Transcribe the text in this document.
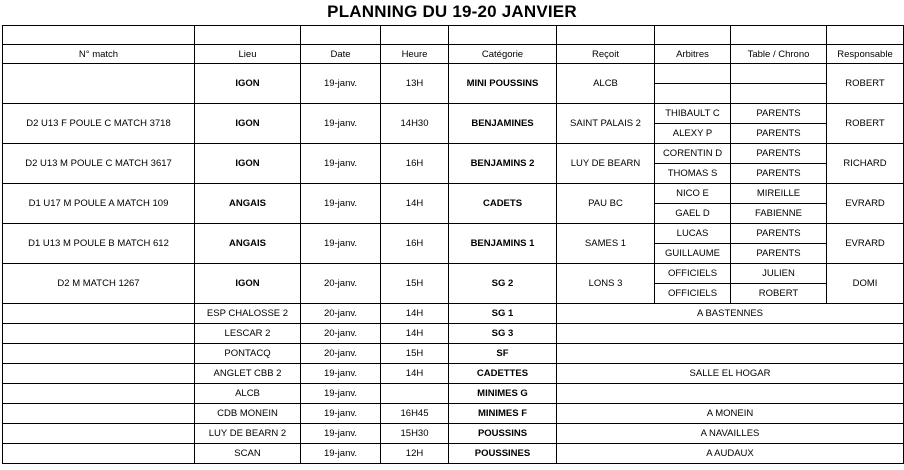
PLANNING DU 19-20 JANVIER

N° match	Lieu	Date	Heure	Catégorie	Reçoit	Arbitres	Table / Chrono	Responsable
	IGON	19-janv.	13H	MINI POUSSINS	ALCB			ROBERT

D2 U13 F POULE C MATCH 3718	IGON	19-janv.	14H30	BENJAMINES	SAINT PALAIS 2	THIBAULT C	PARENTS	ROBERT
						ALEXY P	PARENTS	
D2 U13 M POULE C MATCH 3617	IGON	19-janv.	16H	BENJAMINS 2	LUY DE BEARN	CORENTIN D	PARENTS	RICHARD
						THOMAS S	PARENTS	
D1 U17 M POULE A MATCH 109	ANGAIS	19-janv.	14H	CADETS	PAU BC	NICO E	MIREILLE	EVRARD
						GAEL D	FABIENNE	
D1 U13 M POULE B MATCH 612	ANGAIS	19-janv.	16H	BENJAMINS 1	SAMES 1	LUCAS	PARENTS	EVRARD
						GUILLAUME	PARENTS	
D2 M MATCH 1267	IGON	20-janv.	15H	SG 2	LONS 3	OFFICIELS	JULIEN	DOMI
						OFFICIELS	ROBERT	
	ESP CHALOSSE 2	20-janv.	14H	SG 1	A BASTENNES			
	LESCAR 2	20-janv.	14H	SG 3				
	PONTACQ	20-janv.	15H	SF				
	ANGLET CBB 2	19-janv.	14H	CADETTES	SALLE EL HOGAR			
	ALCB	19-janv.		MINIMES G				
	CDB MONEIN	19-janv.	16H45	MINIMES F	A MONEIN			
	LUY DE BEARN 2	19-janv.	15H30	POUSSINS	A NAVAILLES			
	SCAN	19-janv.	12H	POUSSINES	A AUDAUX			
